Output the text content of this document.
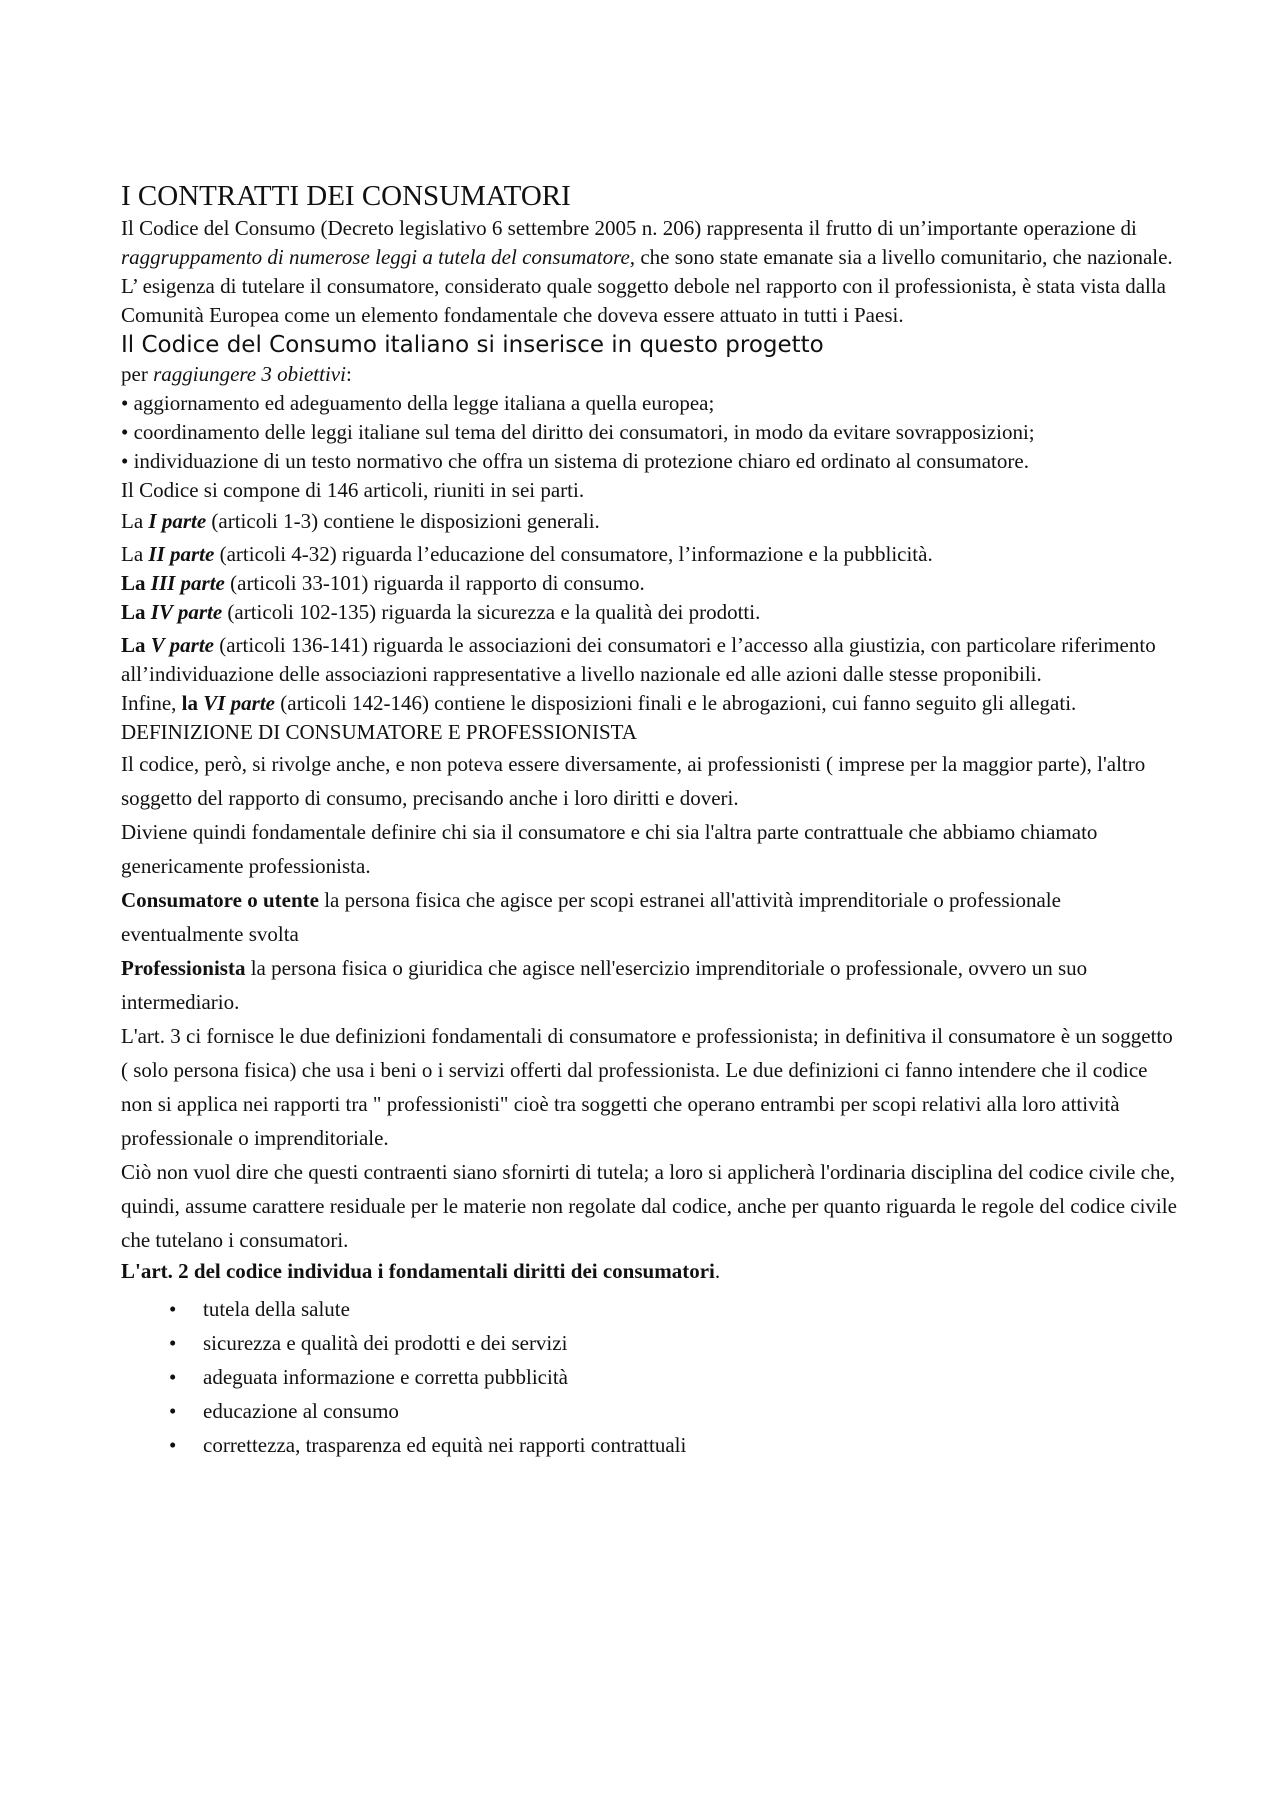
I CONTRATTI DEI CONSUMATORI

Il Codice del Consumo (Decreto legislativo 6 settembre 2005 n. 206) rappresenta il frutto di un’importante operazione di raggruppamento di numerose leggi a tutela del consumatore, che sono state emanate sia a livello comunitario, che nazionale.

L’ esigenza di tutelare il consumatore, considerato quale soggetto debole nel rapporto con il professionista, è stata vista dalla Comunità Europea come un elemento fondamentale che doveva essere attuato in tutti i Paesi.

Il Codice del Consumo italiano si inserisce in questo progetto

per raggiungere 3 obiettivi:

• aggiornamento ed adeguamento della legge italiana a quella europea;

• coordinamento delle leggi italiane sul tema del diritto dei consumatori, in modo da evitare sovrapposizioni;

• individuazione di un testo normativo che offra un sistema di protezione chiaro ed ordinato al consumatore.

Il Codice si compone di 146 articoli, riuniti in sei parti.

La I parte (articoli 1-3) contiene le disposizioni generali.

La II parte (articoli 4-32) riguarda l’educazione del consumatore, l’informazione e la pubblicità.

La III parte (articoli 33-101) riguarda il rapporto di consumo.

La IV parte (articoli 102-135) riguarda la sicurezza e la qualità dei prodotti.

La V parte (articoli 136-141) riguarda le associazioni dei consumatori e l’accesso alla giustizia, con particolare riferimento all’individuazione delle associazioni rappresentative a livello nazionale ed alle azioni dalle stesse proponibili.

Infine, la VI parte (articoli 142-146) contiene le disposizioni finali e le abrogazioni, cui fanno seguito gli allegati.

DEFINIZIONE DI CONSUMATORE E PROFESSIONISTA

Il codice, però, si rivolge anche, e non poteva essere diversamente, ai professionisti ( imprese per la maggior parte), l'altro soggetto del rapporto di consumo, precisando anche i loro diritti e doveri.

Diviene quindi fondamentale definire chi sia il consumatore e chi sia l'altra parte contrattuale che abbiamo chiamato genericamente professionista.

Consumatore o utente la persona fisica che agisce per scopi estranei all'attività imprenditoriale o professionale eventualmente svolta

Professionista la persona fisica o giuridica che agisce nell'esercizio imprenditoriale o professionale, ovvero un suo intermediario.

L'art. 3 ci fornisce le due definizioni fondamentali di consumatore e professionista; in definitiva il consumatore è un soggetto ( solo persona fisica) che usa i beni o i servizi offerti dal professionista. Le due definizioni ci fanno intendere che il codice non si applica nei rapporti tra " professionisti" cioè tra soggetti che operano entrambi per scopi relativi alla loro attività professionale o imprenditoriale.

Ciò non vuol dire che questi contraenti siano sfornirti di tutela; a loro si applicherà l'ordinaria disciplina del codice civile che, quindi, assume carattere residuale per le materie non regolate dal codice, anche per quanto riguarda le regole del codice civile che tutelano i consumatori.

L'art. 2 del codice individua i fondamentali diritti dei consumatori.

• tutela della salute
• sicurezza e qualità dei prodotti e dei servizi
• adeguata informazione e corretta pubblicità
• educazione al consumo
• correttezza, trasparenza ed equità nei rapporti contrattuali
